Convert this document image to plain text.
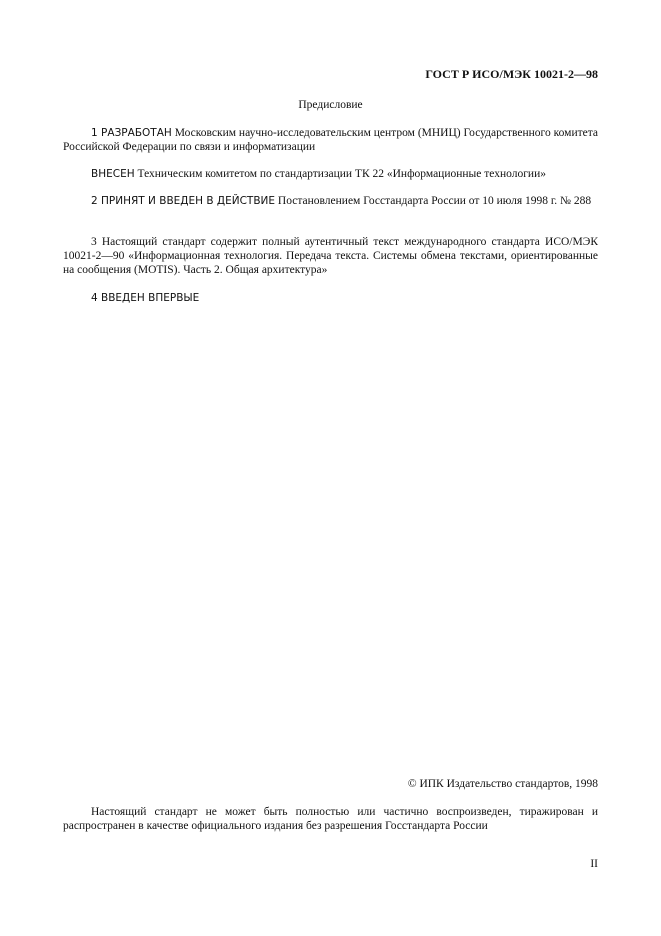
ГОСТ Р ИСО/МЭК 10021-2—98
Предисловие
1 РАЗРАБОТАН Московским научно-исследовательским центром (МНИЦ) Государственного комитета Российской Федерации по связи и информатизации
ВНЕСЕН Техническим комитетом по стандартизации ТК 22 «Информационные технологии»
2 ПРИНЯТ И ВВЕДЕН В ДЕЙСТВИЕ Постановлением Госстандарта России от 10 июля 1998 г. № 288
3 Настоящий стандарт содержит полный аутентичный текст международного стандарта ИСО/МЭК 10021-2—90 «Информационная технология. Передача текста. Системы обмена текстами, ориентированные на сообщения (MOTIS). Часть 2. Общая архитектура»
4 ВВЕДЕН ВПЕРВЫЕ
© ИПК Издательство стандартов, 1998
Настоящий стандарт не может быть полностью или частично воспроизведен, тиражирован и распространен в качестве официального издания без разрешения Госстандарта России
II
